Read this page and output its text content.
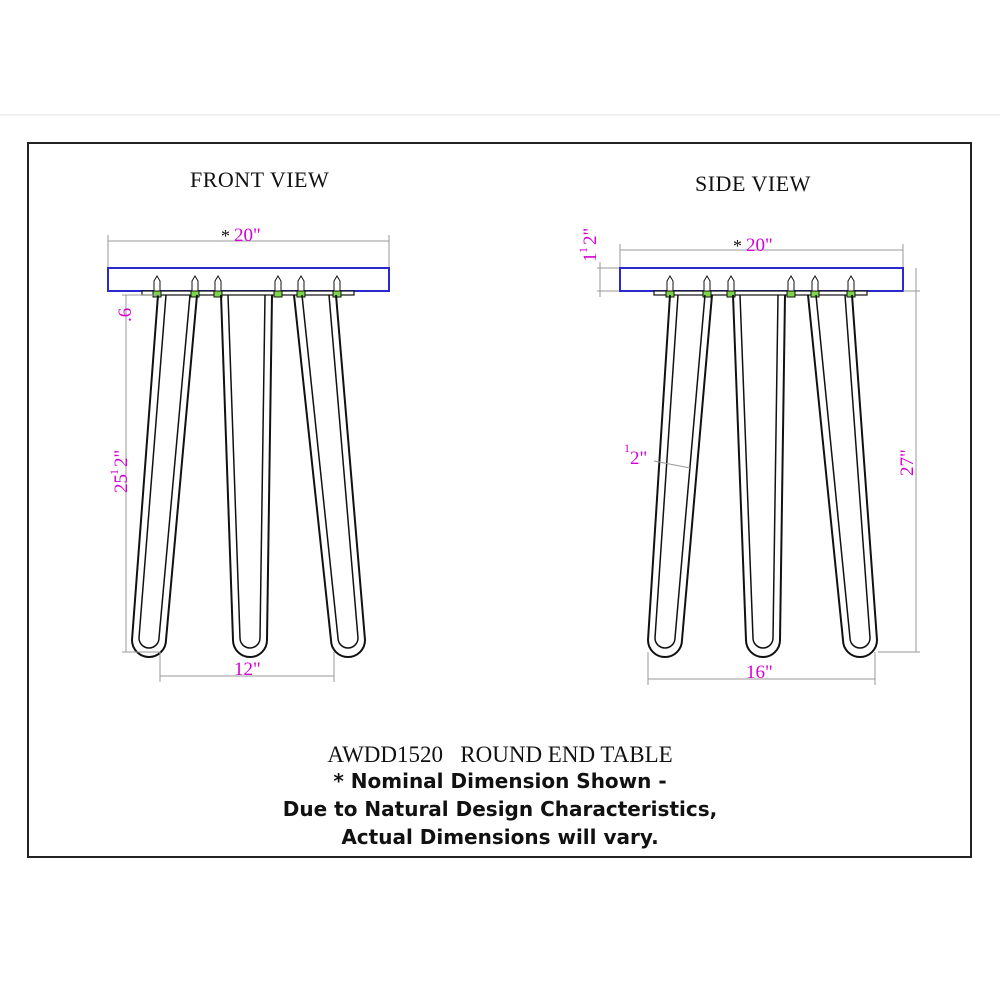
* 20"
.6
25
1
2"
12"
* 20"
1
1
2"
1 2"	27"
16"
FRONT VIEW	SIDE VIEW
AWDD1520   ROUND END TABLE
* Nominal Dimension Shown -
Due to Natural Design Characteristics,
Actual Dimensions will vary.
